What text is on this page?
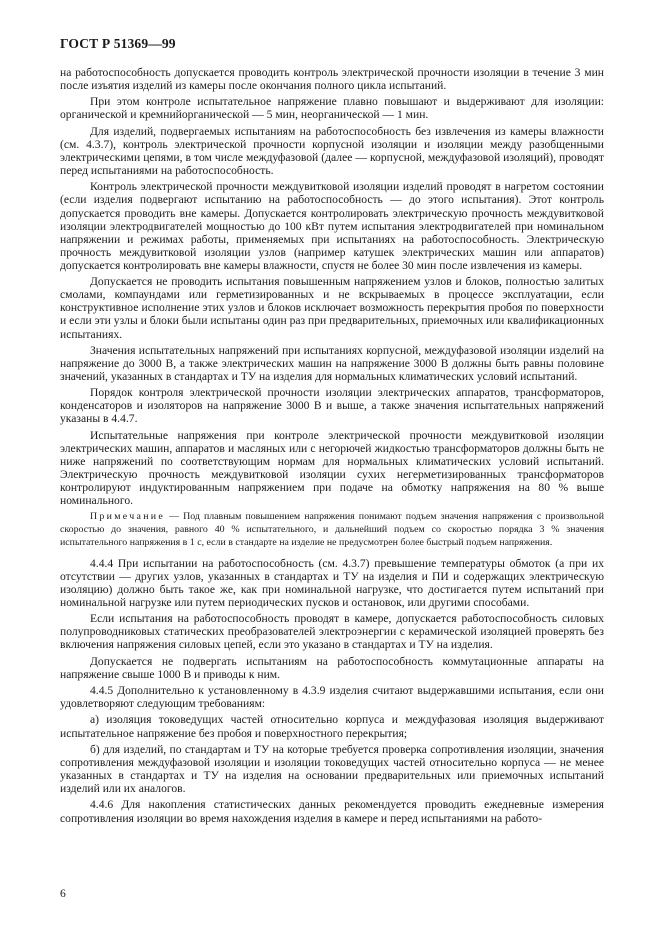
ГОСТ Р 51369—99

на работоспособность допускается проводить контроль электрической прочности изоляции в течение 3 мин после изъятия изделий из камеры после окончания полного цикла испытаний.

При этом контроле испытательное напряжение плавно повышают и выдерживают для изоляции: органической и кремнийорганической — 5 мин, неорганической — 1 мин.

Для изделий, подвергаемых испытаниям на работоспособность без извлечения из камеры влажности (см. 4.3.7), контроль электрической прочности корпусной изоляции и изоляции между разобщенными электрическими цепями, в том числе междуфазовой (далее — корпусной, междуфазовой изоляций), проводят перед испытаниями на работоспособность.

Контроль электрической прочности междувитковой изоляции изделий проводят в нагретом состоянии (если изделия подвергают испытанию на работоспособность — до этого испытания). Этот контроль допускается проводить вне камеры. Допускается контролировать электрическую прочность междувитковой изоляции электродвигателей мощностью до 100 кВт путем испытания электродвигателей при номинальном напряжении и режимах работы, применяемых при испытаниях на работоспособность. Электрическую прочность междувитковой изоляции узлов (например катушек электрических машин или аппаратов) допускается контролировать вне камеры влажности, спустя не более 30 мин после извлечения из камеры.

Допускается не проводить испытания повышенным напряжением узлов и блоков, полностью залитых смолами, компаундами или герметизированных и не вскрываемых в процессе эксплуатации, если конструктивное исполнение этих узлов и блоков исключает возможность перекрытия пробоя по поверхности и если эти узлы и блоки были испытаны один раз при предварительных, приемочных или квалификационных испытаниях.

Значения испытательных напряжений при испытаниях корпусной, междуфазовой изоляции изделий на напряжение до 3000 В, а также электрических машин на напряжение 3000 В должны быть равны половине значений, указанных в стандартах и ТУ на изделия для нормальных климатических условий испытаний.

Порядок контроля электрической прочности изоляции электрических аппаратов, трансформаторов, конденсаторов и изоляторов на напряжение 3000 В и выше, а также значения испытательных напряжений указаны в 4.4.7.

Испытательные напряжения при контроле электрической прочности междувитковой изоляции электрических машин, аппаратов и масляных или с негорючей жидкостью трансформаторов должны быть не ниже напряжений по соответствующим нормам для нормальных климатических условий испытаний. Электрическую прочность междувитковой изоляции сухих негерметизированных трансформаторов контролируют индуктированным напряжением при подаче на обмотку напряжения на 80 % выше номинального.

Примечание — Под плавным повышением напряжения понимают подъем значения напряжения с произвольной скоростью до значения, равного 40 % испытательного, и дальнейший подъем со скоростью порядка 3 % значения испытательного напряжения в 1 с, если в стандарте на изделие не предусмотрен более быстрый подъем напряжения.

4.4.4 При испытании на работоспособность (см. 4.3.7) превышение температуры обмоток (а при их отсутствии — других узлов, указанных в стандартах и ТУ на изделия и ПИ и содержащих электрическую изоляцию) должно быть такое же, как при номинальной нагрузке, что достигается путем испытаний при номинальной нагрузке или путем периодических пусков и остановок, или другими способами.

Если испытания на работоспособность проводят в камере, допускается работоспособность силовых полупроводниковых статических преобразователей электроэнергии с керамической изоляцией проверять без включения напряжения силовых цепей, если это указано в стандартах и ТУ на изделия.

Допускается не подвергать испытаниям на работоспособность коммутационные аппараты на напряжение свыше 1000 В и приводы к ним.

4.4.5 Дополнительно к установленному в 4.3.9 изделия считают выдержавшими испытания, если они удовлетворяют следующим требованиям:

а) изоляция токоведущих частей относительно корпуса и междуфазовая изоляция выдерживают испытательное напряжение без пробоя и поверхностного перекрытия;

б) для изделий, по стандартам и ТУ на которые требуется проверка сопротивления изоляции, значения сопротивления междуфазовой изоляции и изоляции токоведущих частей относительно корпуса — не менее указанных в стандартах и ТУ на изделия на основании предварительных или приемочных испытаний изделий или их аналогов.

4.4.6 Для накопления статистических данных рекомендуется проводить ежедневные измерения сопротивления изоляции во время нахождения изделия в камере и перед испытаниями на работо-

6
